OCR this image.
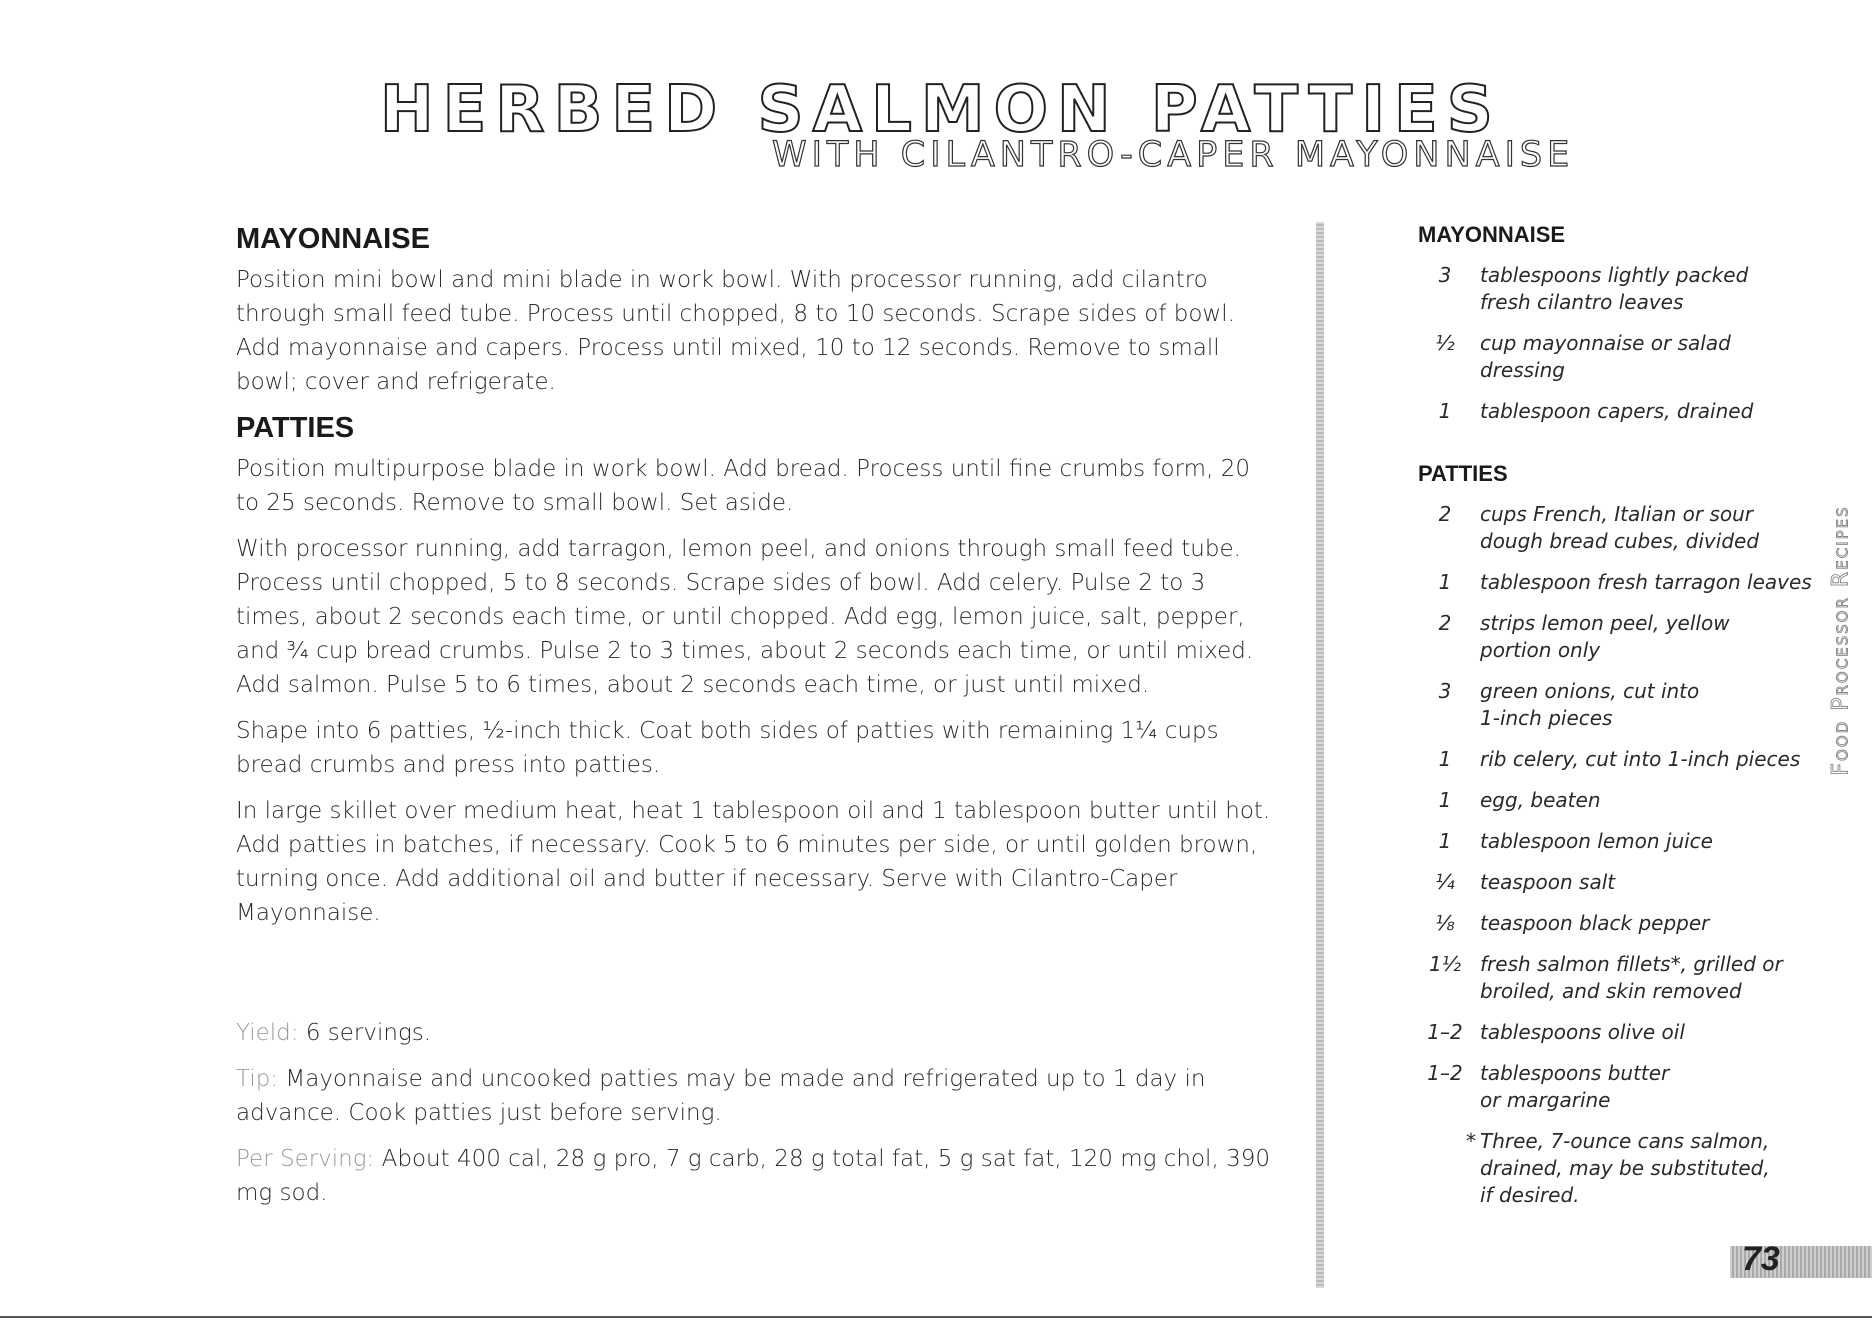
HERBED SALMON PATTIES
WITH CILANTRO-CAPER MAYONNAISE
MAYONNAISE

Position mini bowl and mini blade in work bowl. With processor running, add cilantro through small feed tube. Process until chopped, 8 to 10 seconds. Scrape sides of bowl. Add mayonnaise and capers. Process until mixed, 10 to 12 seconds. Remove to small bowl; cover and refrigerate.

PATTIES

Position multipurpose blade in work bowl. Add bread. Process until fine crumbs form, 20 to 25 seconds. Remove to small bowl. Set aside.

With processor running, add tarragon, lemon peel, and onions through small feed tube. Process until chopped, 5 to 8 seconds. Scrape sides of bowl. Add celery. Pulse 2 to 3 times, about 2 seconds each time, or until chopped. Add egg, lemon juice, salt, pepper, and ¾ cup bread crumbs. Pulse 2 to 3 times, about 2 seconds each time, or until mixed. Add salmon. Pulse 5 to 6 times, about 2 seconds each time, or just until mixed.

Shape into 6 patties, ½-inch thick. Coat both sides of patties with remaining 1¼ cups bread crumbs and press into patties.

In large skillet over medium heat, heat 1 tablespoon oil and 1 tablespoon butter until hot. Add patties in batches, if necessary. Cook 5 to 6 minutes per side, or until golden brown, turning once. Add additional oil and butter if necessary. Serve with Cilantro-Caper Mayonnaise.

Yield: 6 servings.

Tip: Mayonnaise and uncooked patties may be made and refrigerated up to 1 day in advance. Cook patties just before serving.

Per Serving: About 400 cal, 28 g pro, 7 g carb, 28 g total fat, 5 g sat fat, 120 mg chol, 390 mg sod.

MAYONNAISE
3	tablespoons lightly packed
fresh cilantro leaves
½	cup mayonnaise or salad dressing
1	tablespoon capers, drained
PATTIES
2	cups French, Italian or sour
dough bread cubes, divided
1	tablespoon fresh tarragon leaves
2	strips lemon peel, yellow
portion only
3	green onions, cut into
1-inch pieces
1	rib celery, cut into 1-inch pieces
1	egg, beaten
1	tablespoon lemon juice
¼	teaspoon salt
⅛	teaspoon black pepper
1½ fresh salmon fillets*, grilled or
broiled, and skin removed
1–2 tablespoons olive oil
1–2 tablespoons butter
or margarine
* Three, 7-ounce cans salmon,
drained, may be substituted,
if desired.
Food Processor Recipes
73
